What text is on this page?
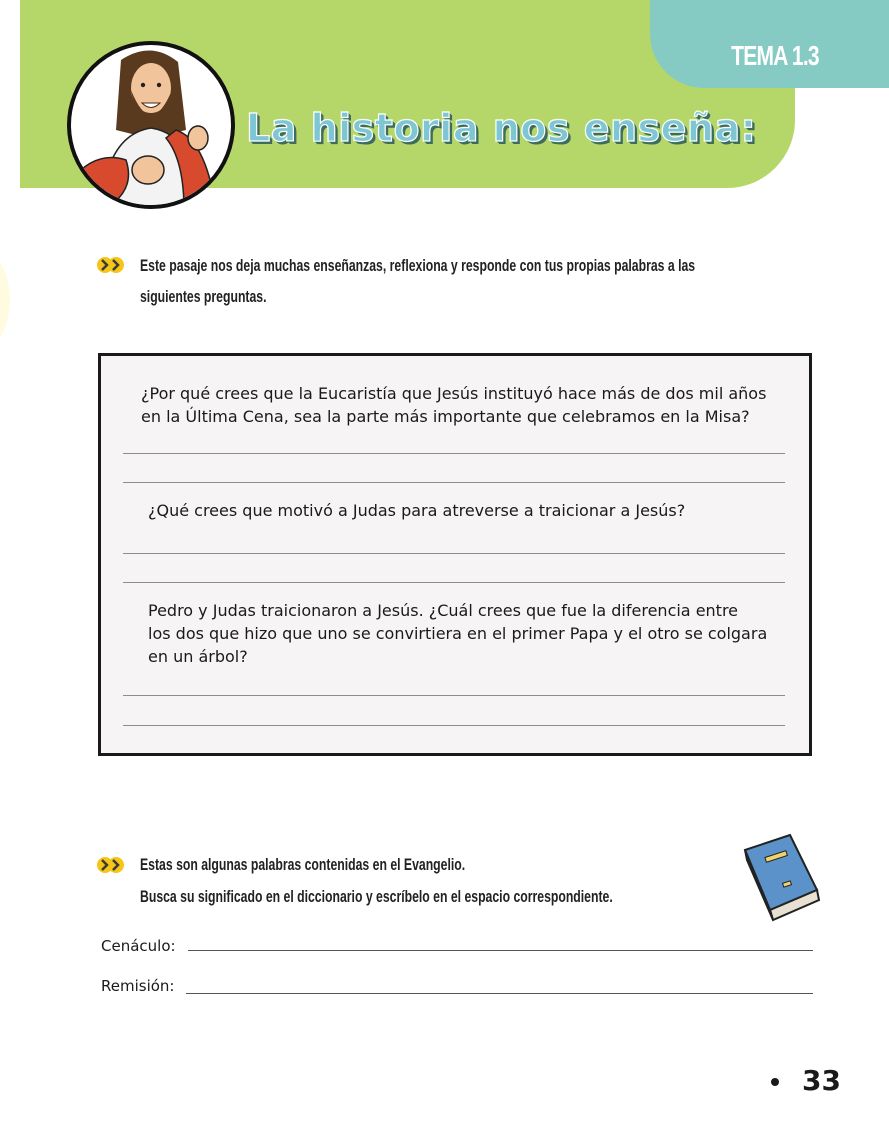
TEMA 1.3
La historia nos enseña:
Este pasaje nos deja muchas enseñanzas, reflexiona y responde con tus propias palabras a las
siguientes preguntas.
¿Por qué crees que la Eucaristía que Jesús instituyó hace más de dos mil años
en la Última Cena, sea la parte más importante que celebramos en la Misa?
¿Qué crees que motivó a Judas para atreverse a traicionar a Jesús?
Pedro y Judas traicionaron a Jesús. ¿Cuál crees que fue la diferencia entre
los dos que hizo que uno se convirtiera en el primer Papa y el otro se colgara
en un árbol?
Estas son algunas palabras contenidas en el Evangelio.
Busca su significado en el diccionario y escríbelo en el espacio correspondiente.
Cenáculo:
Remisión:
33
